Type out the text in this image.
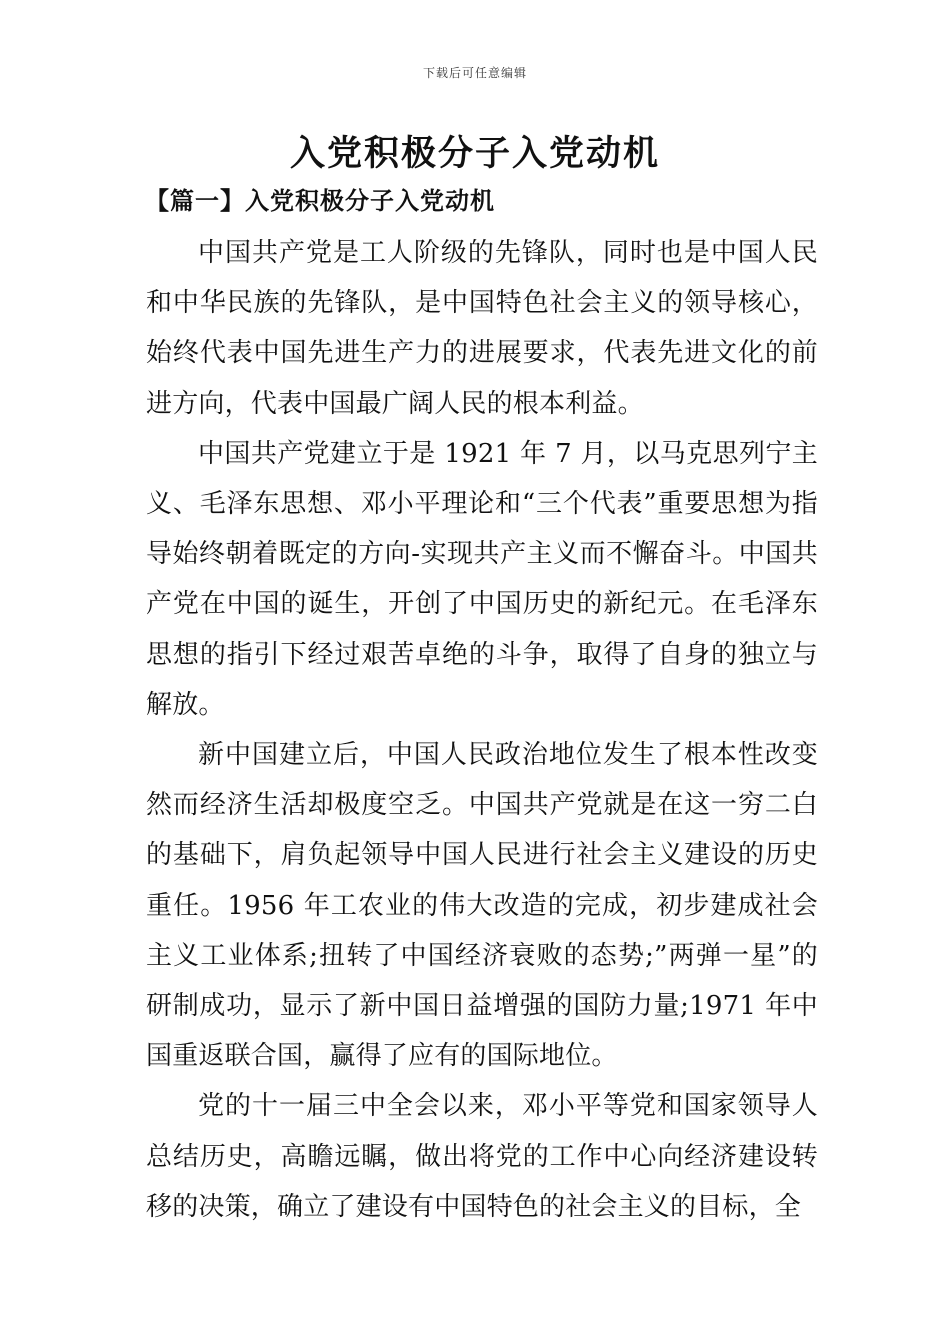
下载后可任意编辑
入党积极分子入党动机
【篇一】入党积极分子入党动机

中国共产党是工人阶级的先锋队，同时也是中国人民和中华民族的先锋队，是中国特色社会主义的领导核心，始终代表中国先进生产力的进展要求，代表先进文化的前进方向，代表中国最广阔人民的根本利益。

中国共产党建立于是 1921 年 7 月，以马克思列宁主义、毛泽东思想、邓小平理论和“三个代表”重要思想为指导始终朝着既定的方向-实现共产主义而不懈奋斗。中国共产党在中国的诞生，开创了中国历史的新纪元。在毛泽东思想的指引下经过艰苦卓绝的斗争，取得了自身的独立与解放。

新中国建立后，中国人民政治地位发生了根本性改变然而经济生活却极度空乏。中国共产党就是在这一穷二白的基础下，肩负起领导中国人民进行社会主义建设的历史重任。1956 年工农业的伟大改造的完成，初步建成社会主义工业体系;扭转了中国经济衰败的态势;”两弹一星”的研制成功，显示了新中国日益增强的国防力量;1971 年中国重返联合国，赢得了应有的国际地位。

党的十一届三中全会以来，邓小平等党和国家领导人总结历史，高瞻远瞩，做出将党的工作中心向经济建设转移的决策，确立了建设有中国特色的社会主义的目标，全
